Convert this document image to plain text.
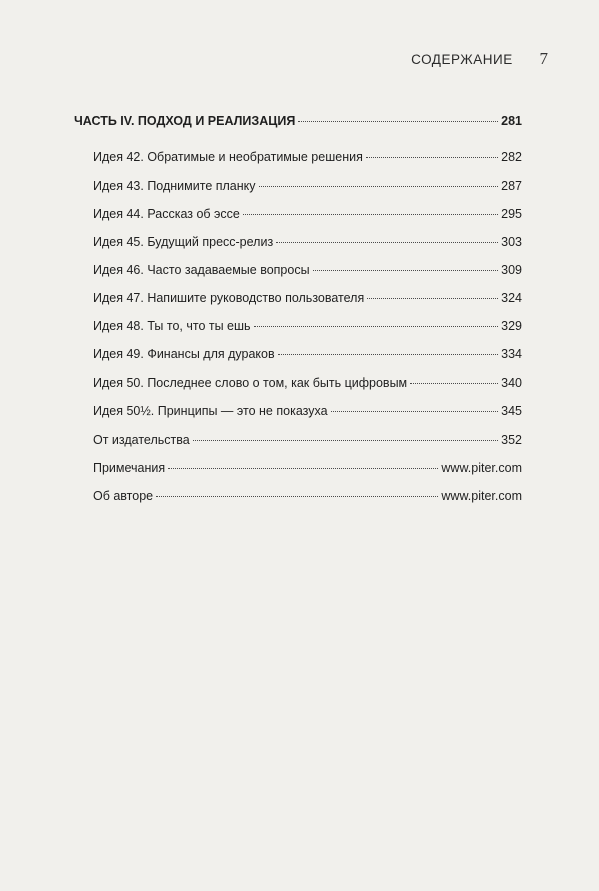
СОДЕРЖАНИЕ	7
ЧАСТЬ IV. ПОДХОД И РЕАЛИЗАЦИЯ	281
Идея 42. Обратимые и необратимые решения	282
Идея 43. Поднимите планку	287
Идея 44. Рассказ об эссе	295
Идея 45. Будущий пресс-релиз	303
Идея 46. Часто задаваемые вопросы	309
Идея 47. Напишите руководство пользователя	324
Идея 48. Ты то, что ты ешь	329
Идея 49. Финансы для дураков	334
Идея 50. Последнее слово о том, как быть цифровым	340
Идея 50½. Принципы — это не показуха	345
От издательства	352
Примечания	www.piter.com
Об авторе	www.piter.com
